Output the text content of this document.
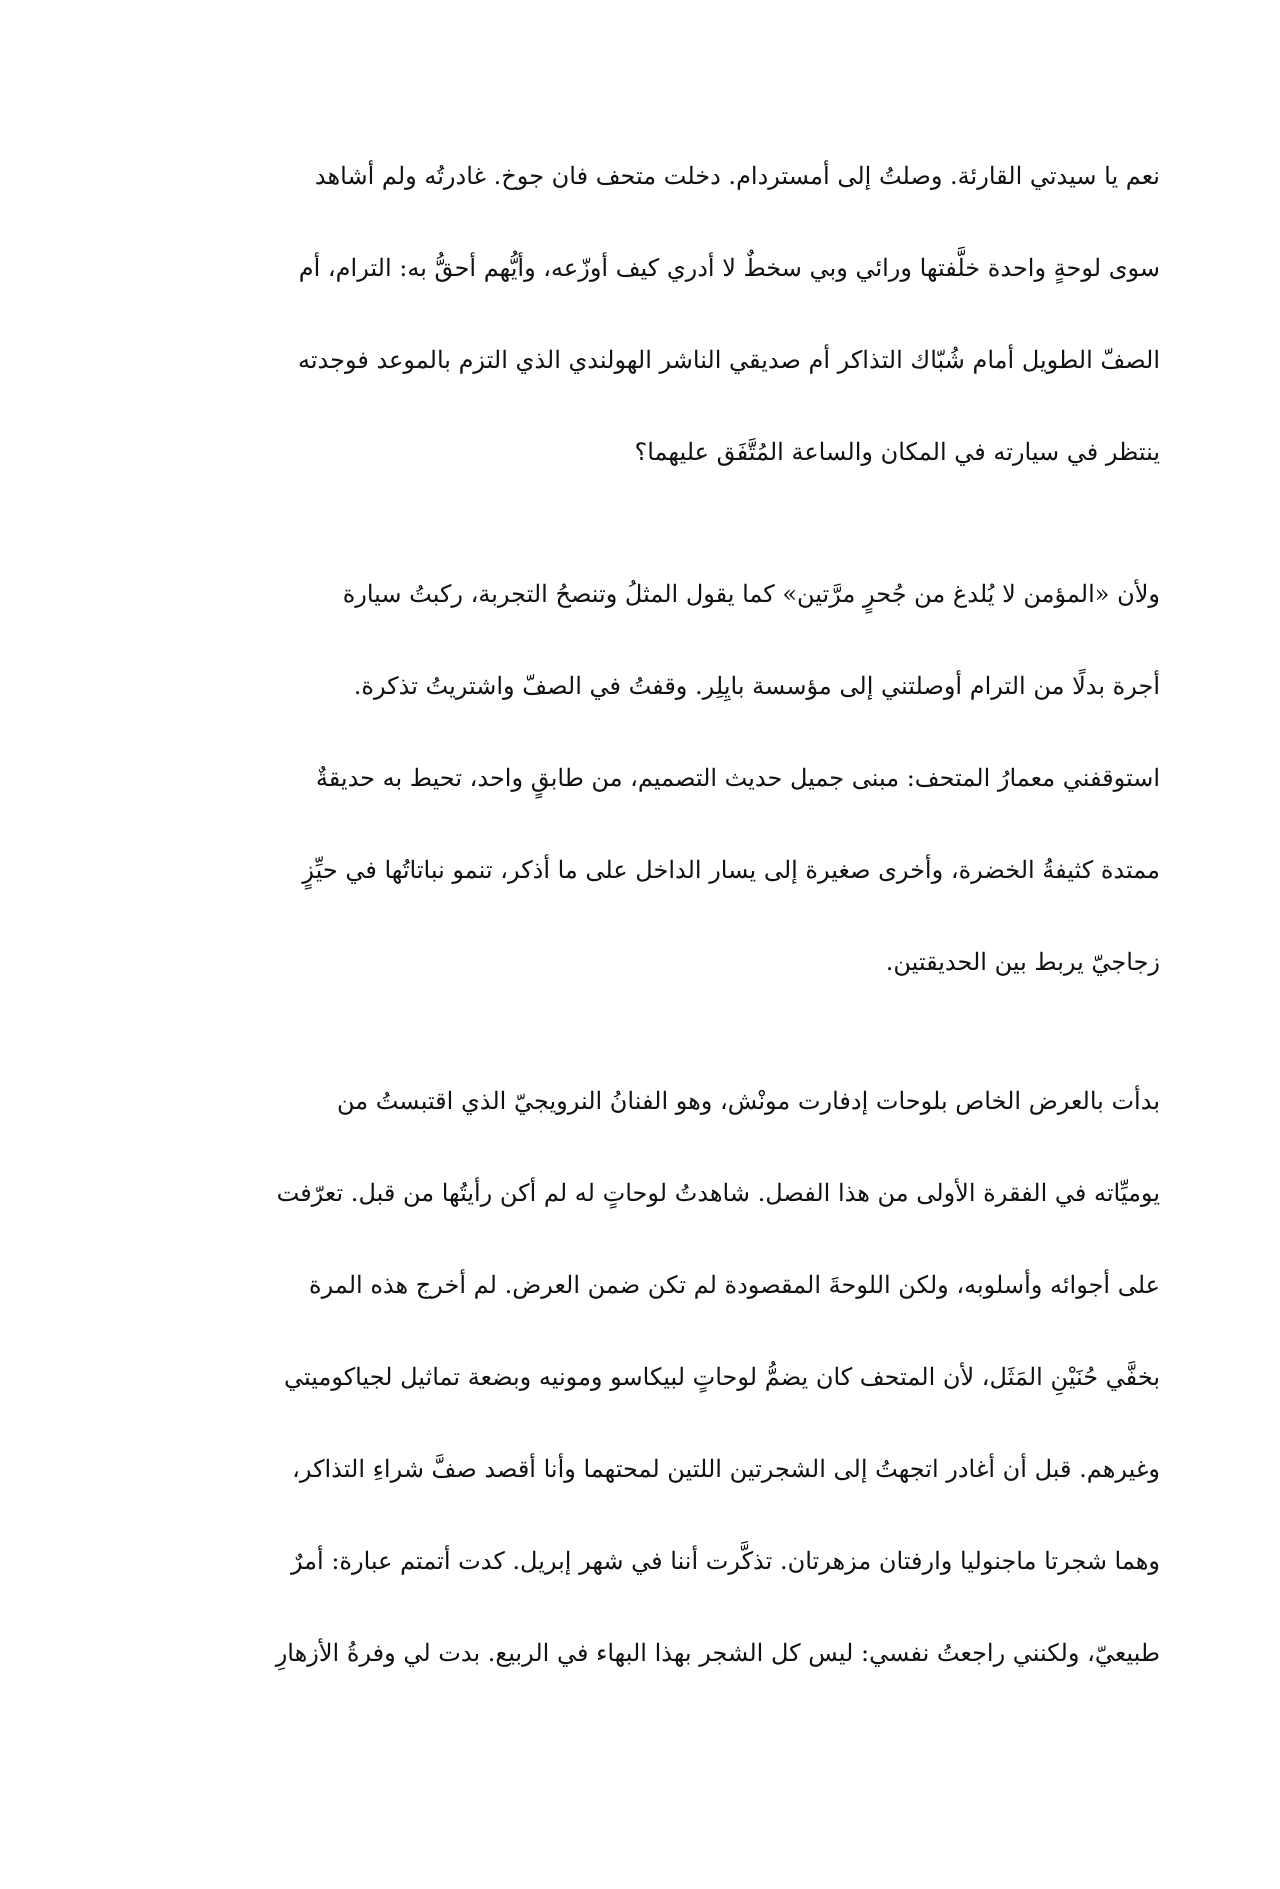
نعم يا سيدتي القارئة. وصلتُ إلى أمستردام. دخلت متحف فان جوخ. غادرتُه ولم أشاهد
سوى لوحةٍ واحدة خلَّفتها ورائي وبي سخطٌ لا أدري كيف أوزّعه، وأيُّهم أحقُّ به: الترام، أم
الصفّ الطويل أمام شُبّاك التذاكر أم صديقي الناشر الهولندي الذي التزم بالموعد فوجدته
ينتظر في سيارته في المكان والساعة المُتَّفَق عليهما؟
ولأن «المؤمن لا يُلدغ من جُحرٍ مرَّتين» كما يقول المثلُ وتنصحُ التجربة، ركبتُ سيارة
أجرة بدلًا من الترام أوصلتني إلى مؤسسة بايِلِر. وقفتُ في الصفّ واشتريتُ تذكرة.
استوقفني معمارُ المتحف: مبنى جميل حديث التصميم، من طابقٍ واحد، تحيط به حديقةٌ
ممتدة كثيفةُ الخضرة، وأخرى صغيرة إلى يسار الداخل على ما أذكر، تنمو نباتاتُها في حيِّزٍ
زجاجيّ يربط بين الحديقتين.
بدأت بالعرض الخاص بلوحات إدفارت مونْش، وهو الفنانُ النرويجيّ الذي اقتبستُ من
يوميِّاته في الفقرة الأولى من هذا الفصل. شاهدتُ لوحاتٍ له لم أكن رأيتُها من قبل. تعرّفت
على أجوائه وأسلوبه، ولكن اللوحةَ المقصودة لم تكن ضمن العرض. لم أخرج هذه المرة
بخفَّي حُنَيْنِ المَثَل، لأن المتحف كان يضمُّ لوحاتٍ لبيكاسو ومونيه وبضعة تماثيل لجياكوميتي
وغيرهم. قبل أن أغادر اتجهتُ إلى الشجرتين اللتين لمحتهما وأنا أقصد صفَّ شراءِ التذاكر،
وهما شجرتا ماجنوليا وارفتان مزهرتان. تذكَّرت أننا في شهر إبريل. كدت أتمتم عبارة: أمرٌ
طبيعيّ، ولكنني راجعتُ نفسي: ليس كل الشجر بهذا البهاء في الربيع. بدت لي وفرةُ الأزهارِ
